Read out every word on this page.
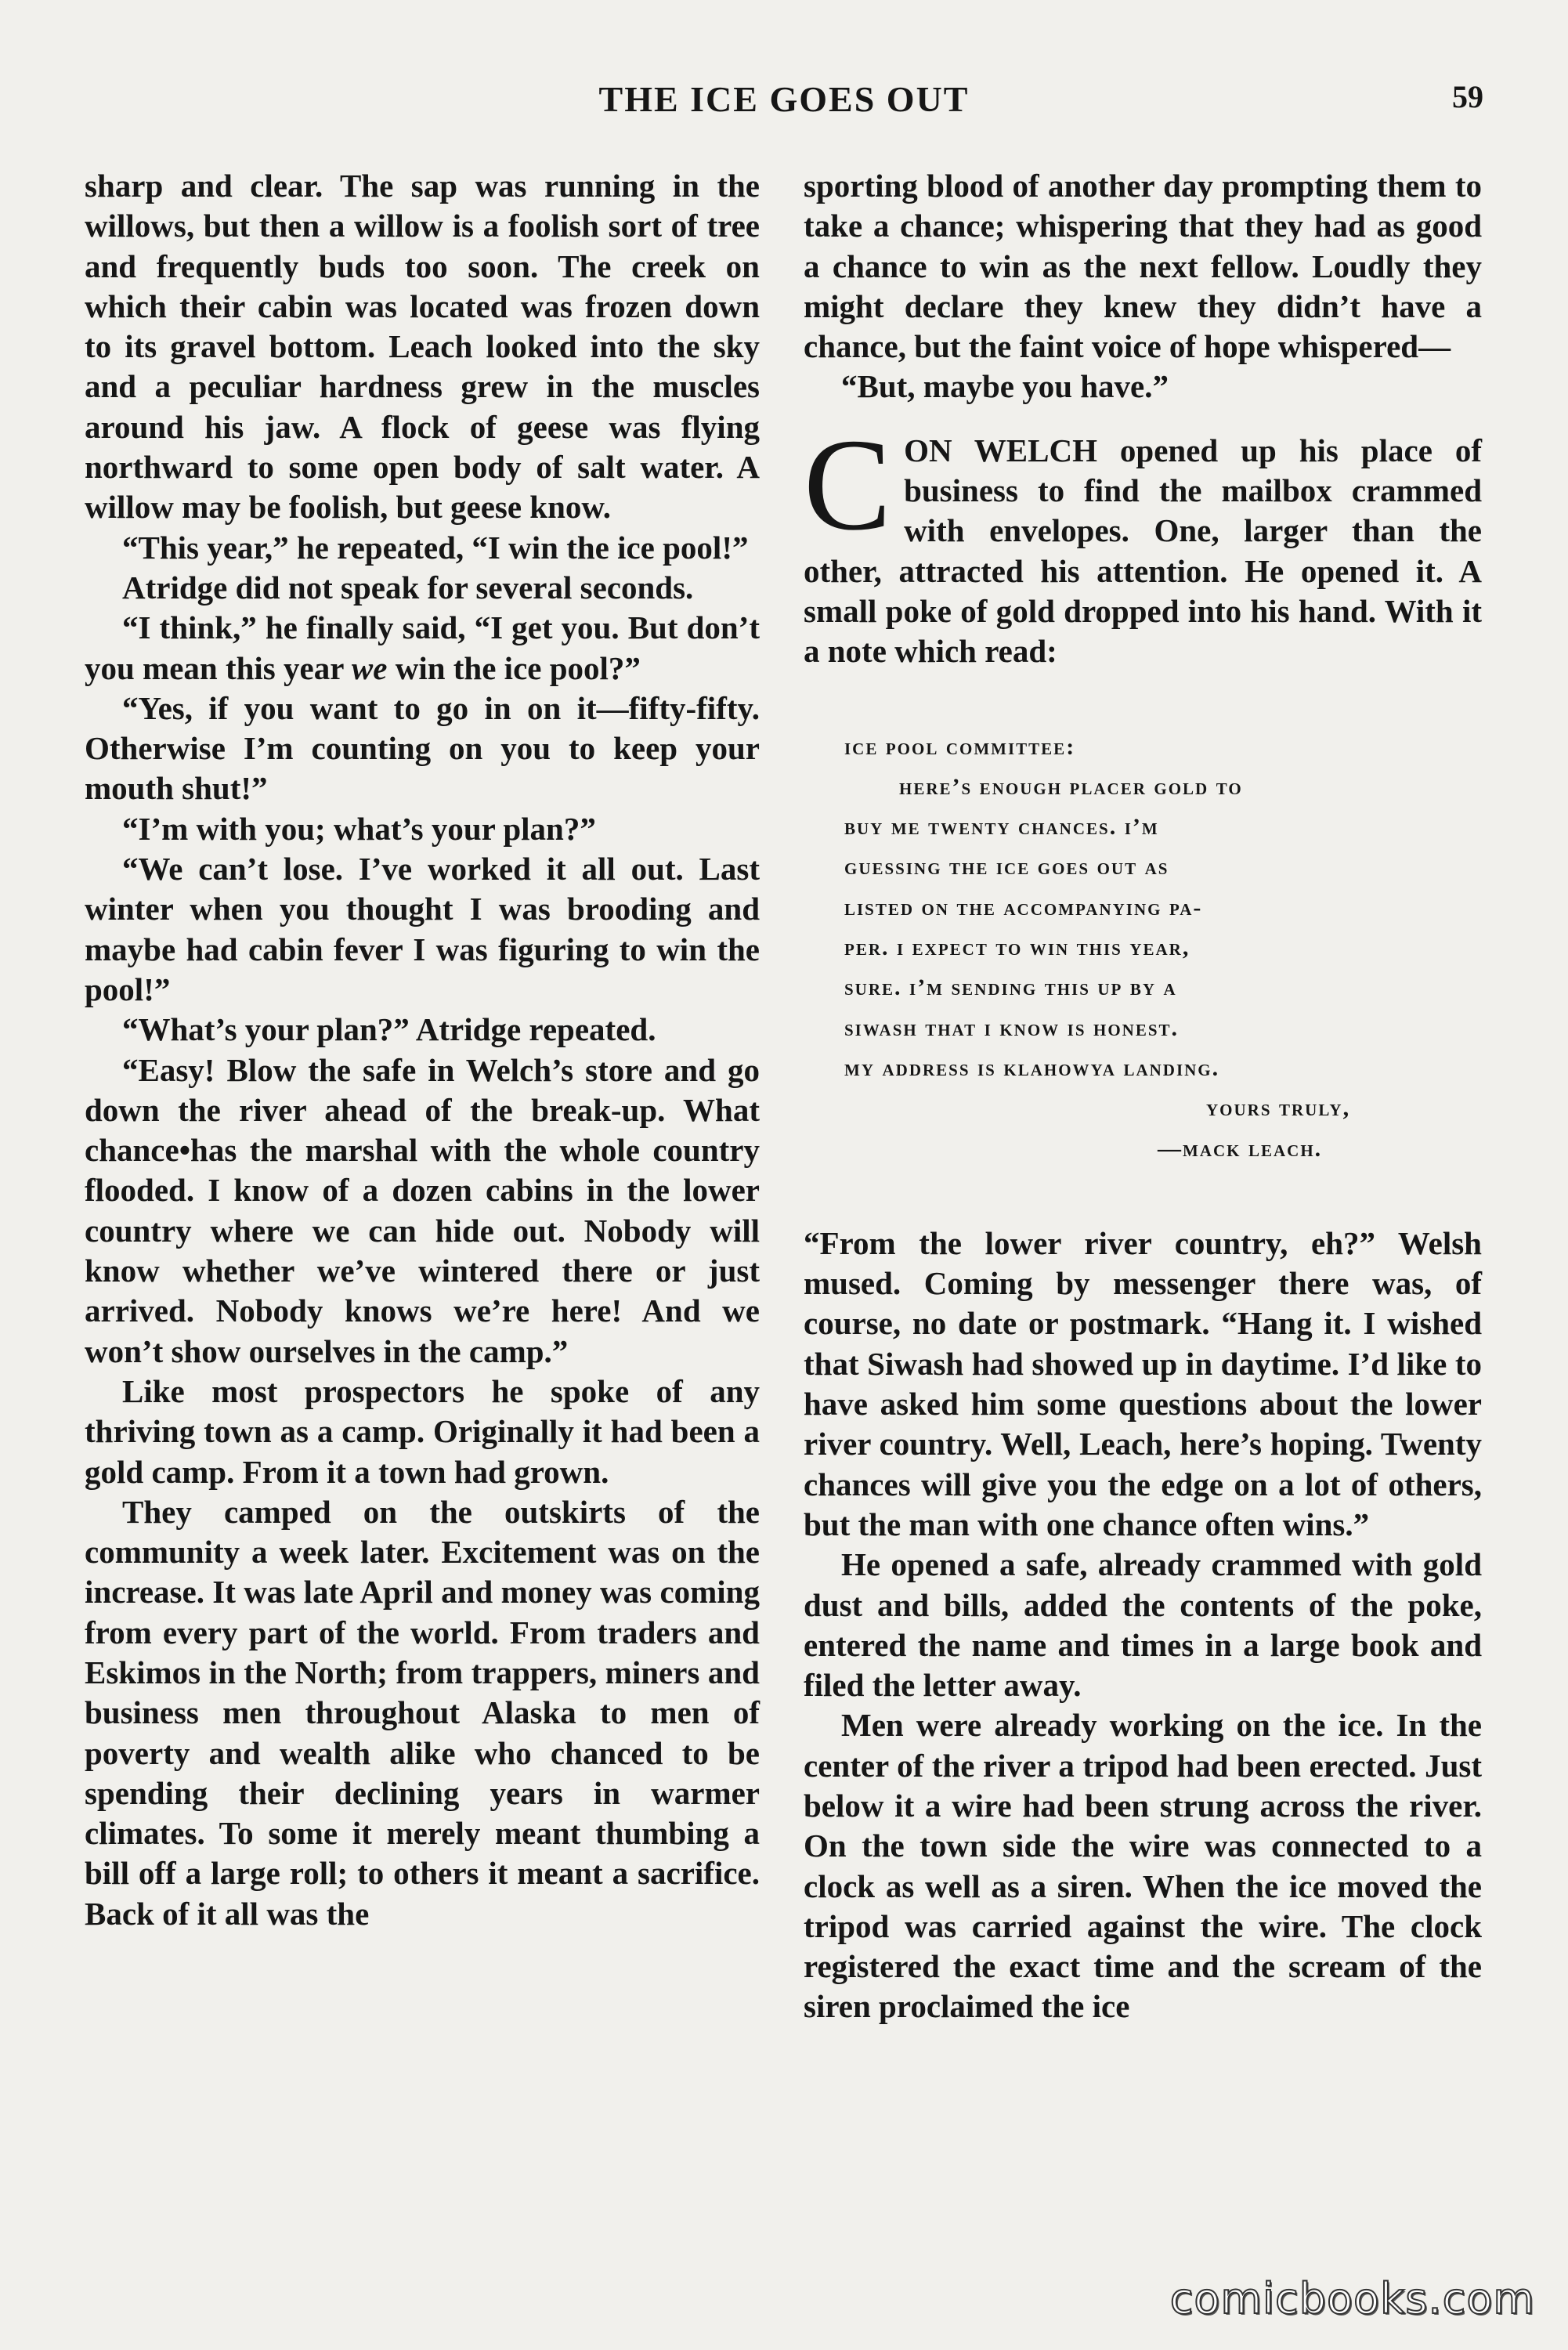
THE ICE GOES OUT	59

sharp and clear. The sap was running in the willows, but then a willow is a foolish sort of tree and frequently buds too soon. The creek on which their cabin was located was frozen down to its gravel bottom. Leach looked into the sky and a peculiar hardness grew in the muscles around his jaw. A flock of geese was flying northward to some open body of salt water. A willow may be foolish, but geese know.

“This year,” he repeated, “I win the ice pool!”

Atridge did not speak for several seconds.

“I think,” he finally said, “I get you. But don’t you mean this year we win the ice pool?”

“Yes, if you want to go in on it—fifty-fifty. Otherwise I’m counting on you to keep your mouth shut!”

“I’m with you; what’s your plan?”

“We can’t lose. I’ve worked it all out. Last winter when you thought I was brooding and maybe had cabin fever I was figuring to win the pool!”

“What’s your plan?” Atridge repeated.

“Easy! Blow the safe in Welch’s store and go down the river ahead of the break-up. What chance•has the marshal with the whole country flooded. I know of a dozen cabins in the lower country where we can hide out. Nobody will know whether we’ve wintered there or just arrived. Nobody knows we’re here! And we won’t show ourselves in the camp.”

Like most prospectors he spoke of any thriving town as a camp. Originally it had been a gold camp. From it a town had grown.

They camped on the outskirts of the community a week later. Excitement was on the increase. It was late April and money was coming from every part of the world. From traders and Eskimos in the North; from trappers, miners and business men throughout Alaska to men of poverty and wealth alike who chanced to be spending their declining years in warmer climates. To some it merely meant thumbing a bill off a large roll; to others it meant a sacrifice. Back of it all was the

sporting blood of another day prompting them to take a chance; whispering that they had as good a chance to win as the next fellow. Loudly they might declare they knew they didn’t have a chance, but the faint voice of hope whispered—

“But, maybe you have.”

CON WELCH opened up his place of business to find the mailbox crammed with envelopes. One, larger than the other, attracted his attention. He opened it. A small poke of gold dropped into his hand. With it a note which read:

ice pool committee:
here’s enough placer gold to
buy me twenty chances. i’m
guessing the ice goes out as
listed on the accompanying pa-
per. i expect to win this year,
sure. i’m sending this up by a
siwash that i know is honest.
my address is klahowya landing.
yours truly,
—mack leach.

“From the lower river country, eh?” Welsh mused. Coming by messenger there was, of course, no date or postmark. “Hang it. I wished that Siwash had showed up in daytime. I’d like to have asked him some questions about the lower river country. Well, Leach, here’s hoping. Twenty chances will give you the edge on a lot of others, but the man with one chance often wins.”

He opened a safe, already crammed with gold dust and bills, added the contents of the poke, entered the name and times in a large book and filed the letter away.

Men were already working on the ice. In the center of the river a tripod had been erected. Just below it a wire had been strung across the river. On the town side the wire was connected to a clock as well as a siren. When the ice moved the tripod was carried against the wire. The clock registered the exact time and the scream of the siren proclaimed the ice

comicbooks.com
